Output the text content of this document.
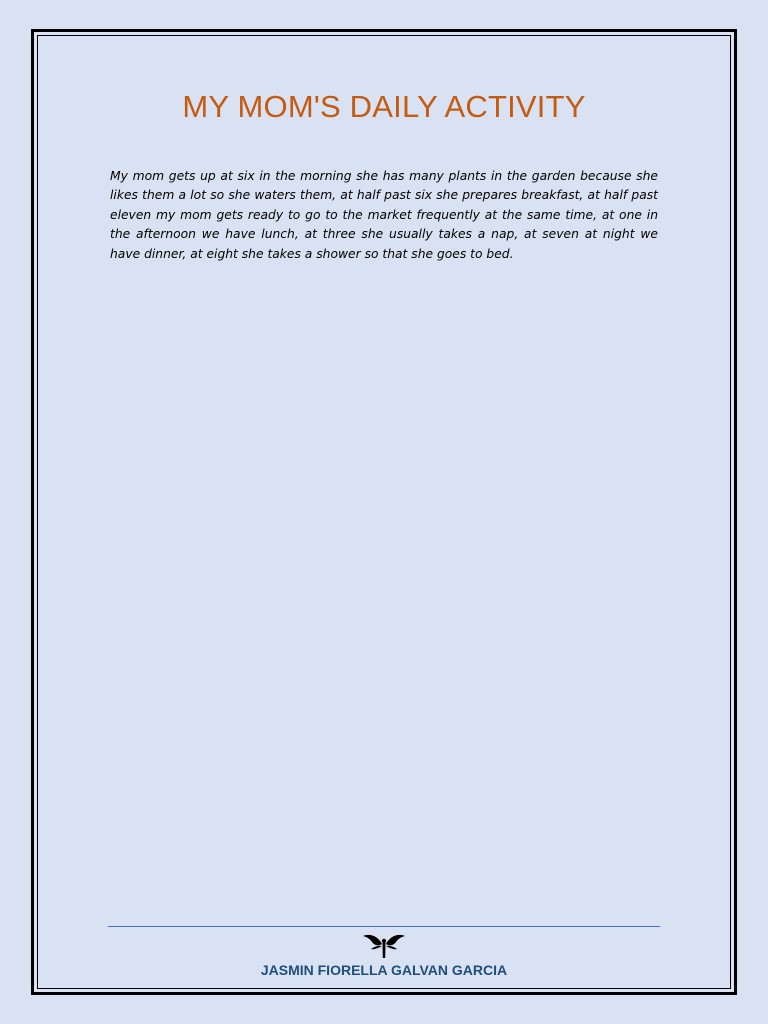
MY MOM'S DAILY ACTIVITY

My mom gets up at six in the morning she has many plants in the garden because she likes them a lot so she waters them, at half past six she prepares breakfast, at half past eleven my mom gets ready to go to the market frequently at the same time, at one in the afternoon we have lunch, at three she usually takes a nap, at seven at night we have dinner, at eight she takes a shower so that she goes to bed.

JASMIN FIORELLA GALVAN GARCIA
